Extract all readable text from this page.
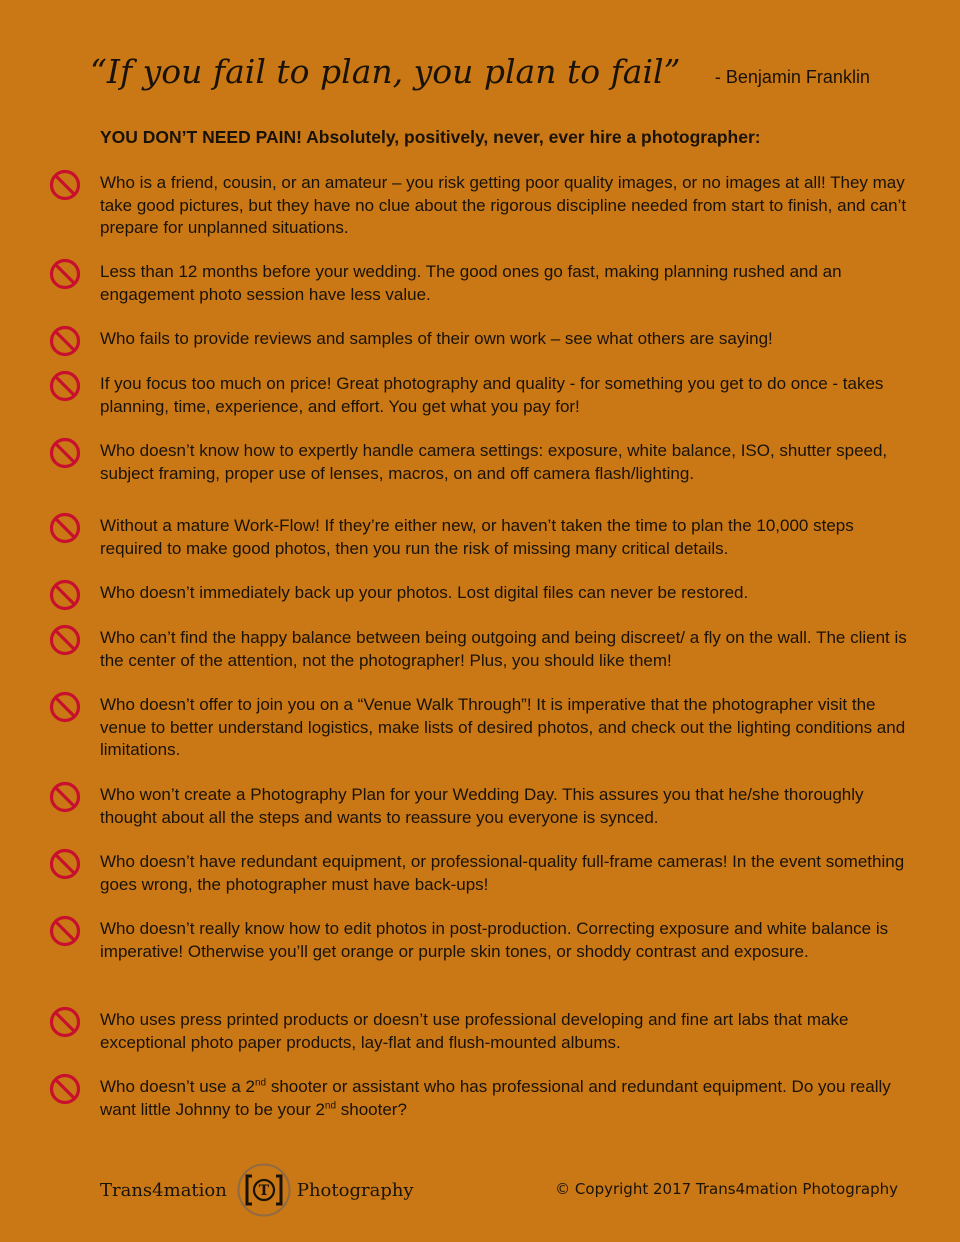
“If you fail to plan, you plan to fail” - Benjamin Franklin
YOU DON’T NEED PAIN! Absolutely, positively, never, ever hire a photographer:
Who is a friend, cousin, or an amateur – you risk getting poor quality images, or no images at all! They may take good pictures, but they have no clue about the rigorous discipline needed from start to finish, and can’t prepare for unplanned situations.
Less than 12 months before your wedding. The good ones go fast, making planning rushed and an engagement photo session have less value.
Who fails to provide reviews and samples of their own work – see what others are saying!
If you focus too much on price! Great photography and quality - for something you get to do once - takes planning, time, experience, and effort. You get what you pay for!
Who doesn’t know how to expertly handle camera settings: exposure, white balance, ISO, shutter speed, subject framing, proper use of lenses, macros, on and off camera flash/lighting.
Without a mature Work-Flow! If they’re either new, or haven’t taken the time to plan the 10,000 steps required to make good photos, then you run the risk of missing many critical details.
Who doesn’t immediately back up your photos. Lost digital files can never be restored.
Who can’t find the happy balance between being outgoing and being discreet/ a fly on the wall. The client is the center of the attention, not the photographer! Plus, you should like them!
Who doesn’t offer to join you on a “Venue Walk Through”! It is imperative that the photographer visit the venue to better understand logistics, make lists of desired photos, and check out the lighting conditions and limitations.
Who won’t create a Photography Plan for your Wedding Day. This assures you that he/she thoroughly thought about all the steps and wants to reassure you everyone is synced.
Who doesn’t have redundant equipment, or professional-quality full-frame cameras! In the event something goes wrong, the photographer must have back-ups!
Who doesn’t really know how to edit photos in post-production. Correcting exposure and white balance is imperative! Otherwise you’ll get orange or purple skin tones, or shoddy contrast and exposure.
Who uses press printed products or doesn’t use professional developing and fine art labs that make exceptional photo paper products, lay-flat and flush-mounted albums.
Who doesn’t use a 2nd shooter or assistant who has professional and redundant equipment. Do you really want little Johnny to be your 2nd shooter?
Trans4mation T Photography	© Copyright 2017 Trans4mation Photography
